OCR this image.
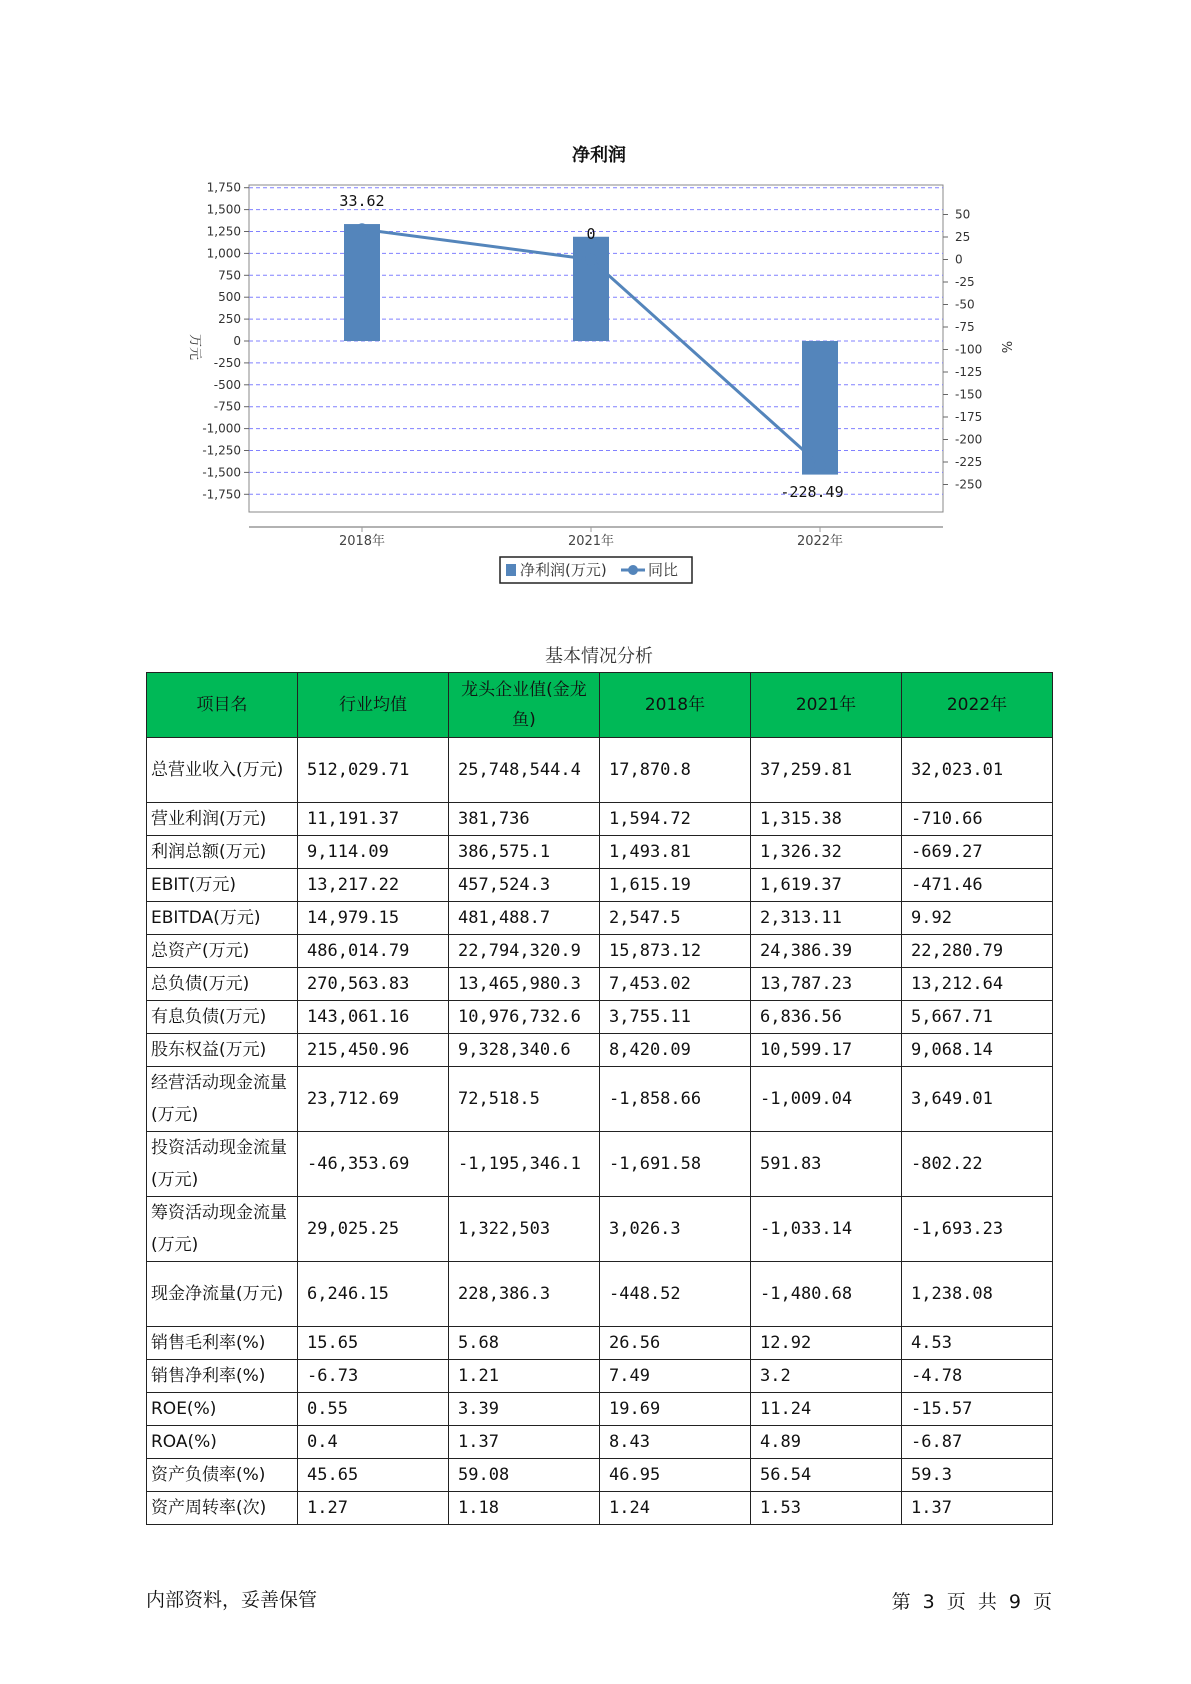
净利润
1,750
1,500
1,250
1,000
750
500
250
0
-250
-500
-750
-1,000
-1,250
-1,500
-1,750
50
25
0
-25
-50
-75
-100
-125
-150
-175
-200
-225
-250
33.62
0
-228.49
2018年	2021年	2022年
万元	%
净利润(万元)	同比
基本情况分析
项目名	行业均值	龙头企业值(金龙鱼)	2018年	2021年	2022年
总营业收入(万元)	512,029.71	25,748,544.4	17,870.8	37,259.81	32,023.01
营业利润(万元)	11,191.37	381,736	1,594.72	1,315.38	-710.66
利润总额(万元)	9,114.09	386,575.1	1,493.81	1,326.32	-669.27
EBIT(万元)	13,217.22	457,524.3	1,615.19	1,619.37	-471.46
EBITDA(万元)	14,979.15	481,488.7	2,547.5	2,313.11	9.92
总资产(万元)	486,014.79	22,794,320.9	15,873.12	24,386.39	22,280.79
总负债(万元)	270,563.83	13,465,980.3	7,453.02	13,787.23	13,212.64
有息负债(万元)	143,061.16	10,976,732.6	3,755.11	6,836.56	5,667.71
股东权益(万元)	215,450.96	9,328,340.6	8,420.09	10,599.17	9,068.14
经营活动现金流量(万元)	23,712.69	72,518.5	-1,858.66	-1,009.04	3,649.01
投资活动现金流量(万元)	-46,353.69	-1,195,346.1	-1,691.58	591.83	-802.22
筹资活动现金流量(万元)	29,025.25	1,322,503	3,026.3	-1,033.14	-1,693.23
现金净流量(万元)	6,246.15	228,386.3	-448.52	-1,480.68	1,238.08
销售毛利率(%)	15.65	5.68	26.56	12.92	4.53
销售净利率(%)	-6.73	1.21	7.49	3.2	-4.78
ROE(%)	0.55	3.39	19.69	11.24	-15.57
ROA(%)	0.4	1.37	8.43	4.89	-6.87
资产负债率(%)	45.65	59.08	46.95	56.54	59.3
资产周转率(次)	1.27	1.18	1.24	1.53	1.37
内部资料，妥善保管	第 3 页 共 9 页
